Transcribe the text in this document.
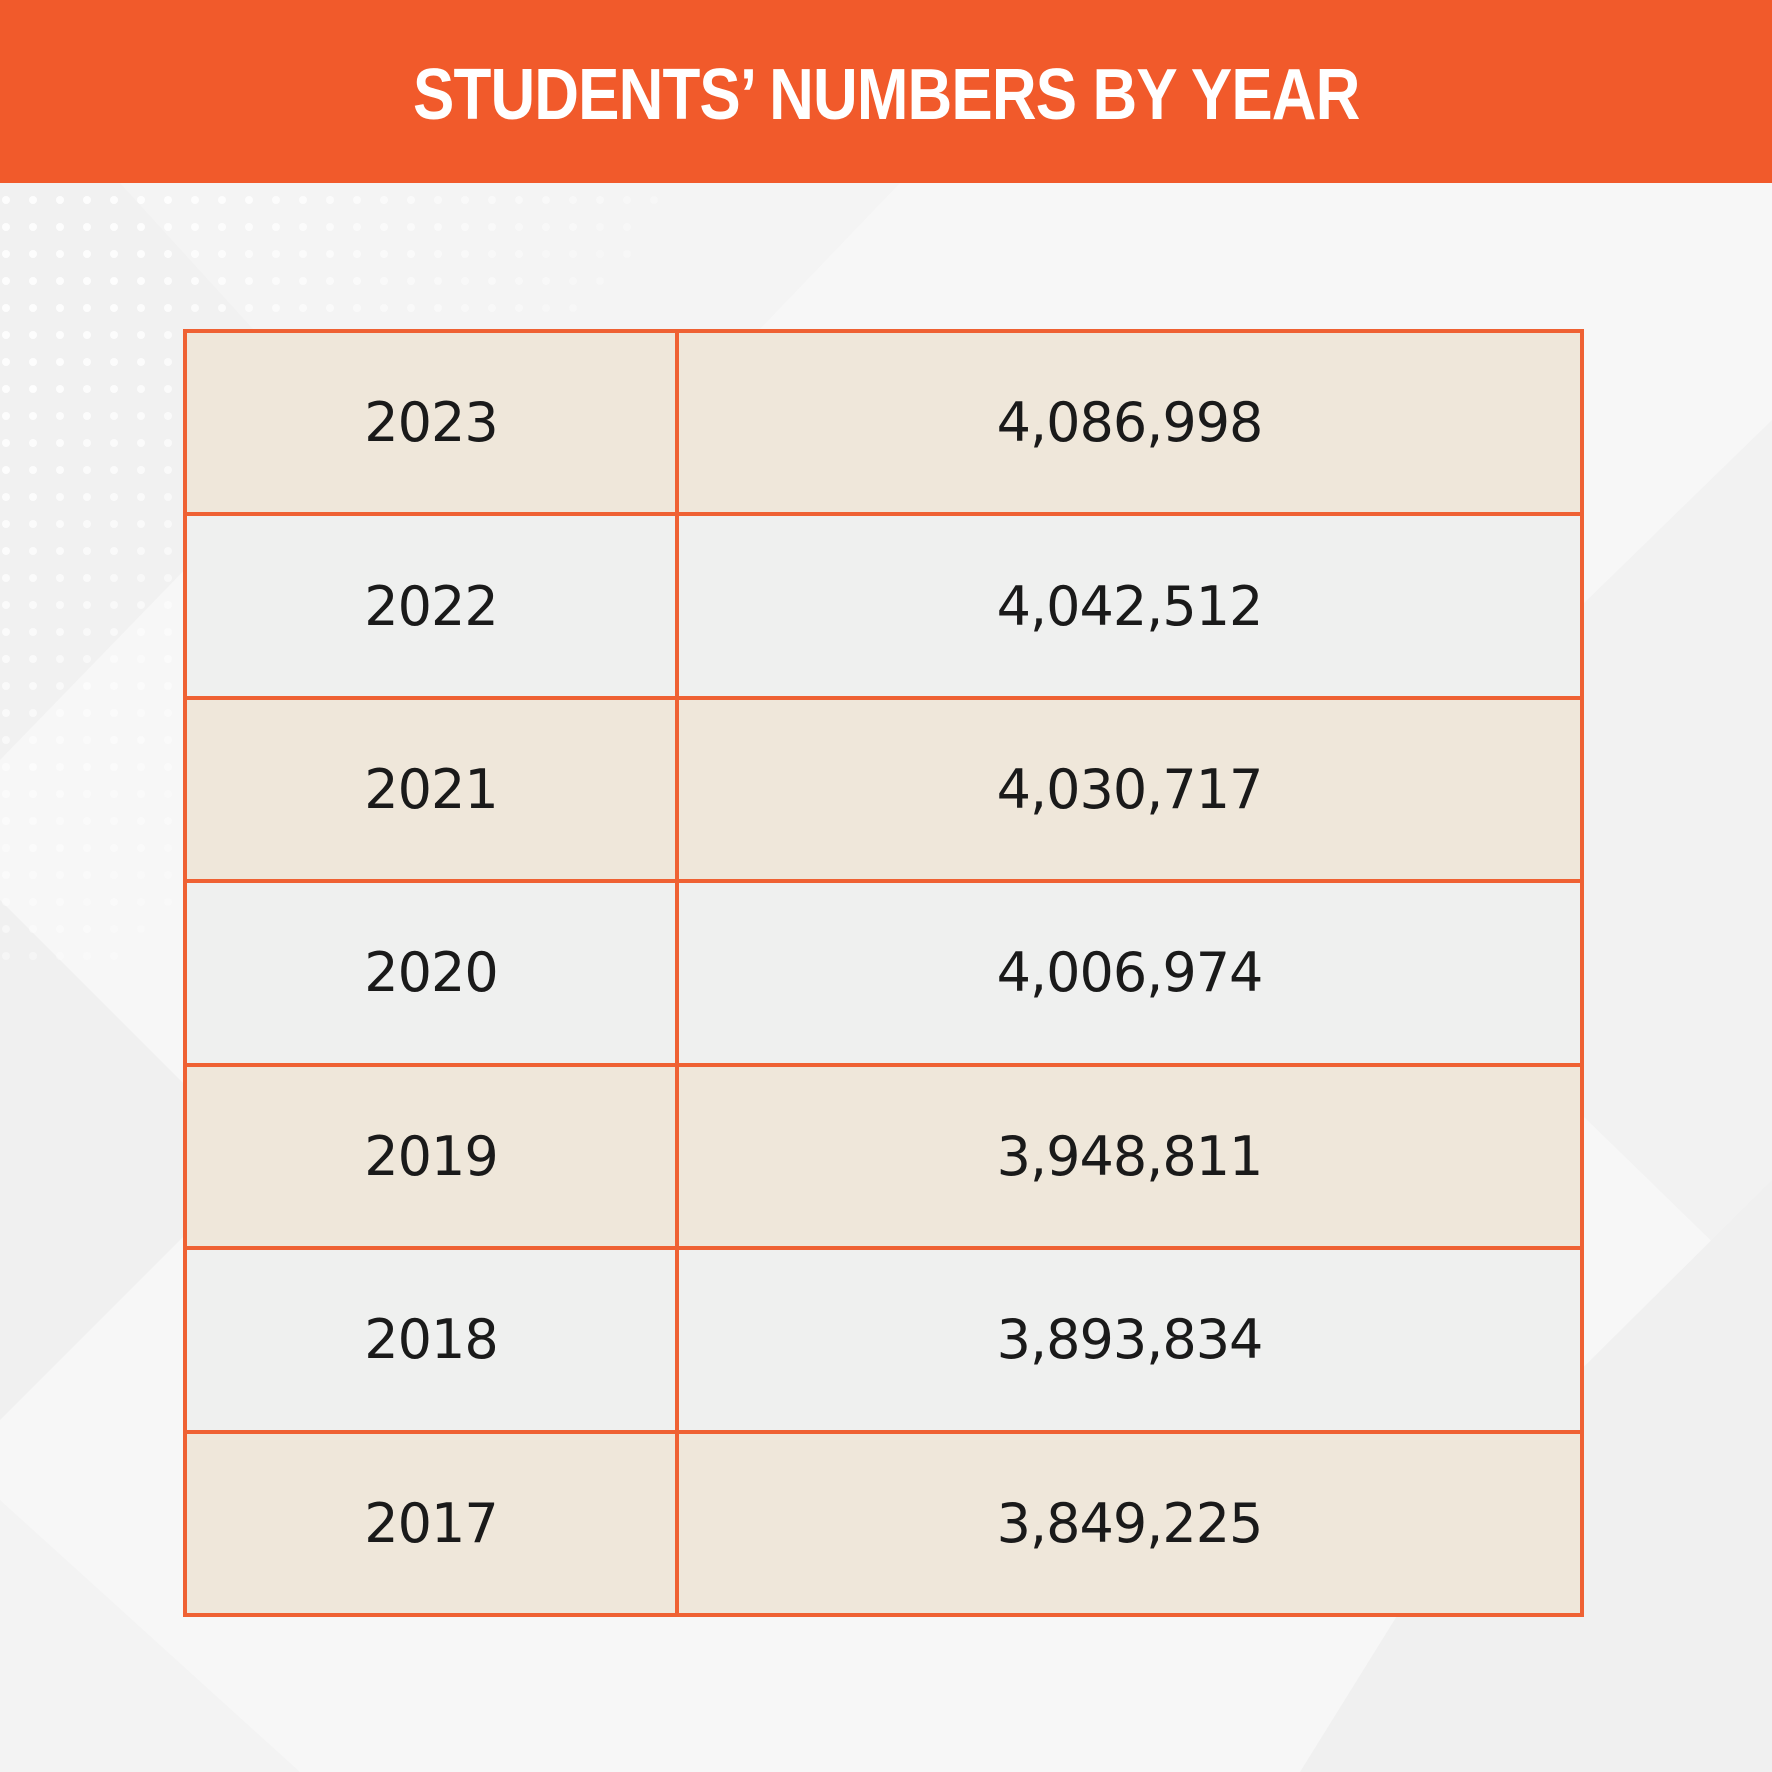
STUDENTS’ NUMBERS BY YEAR
2023	4,086,998
2022	4,042,512
2021	4,030,717
2020	4,006,974
2019	3,948,811
2018	3,893,834
2017	3,849,225
